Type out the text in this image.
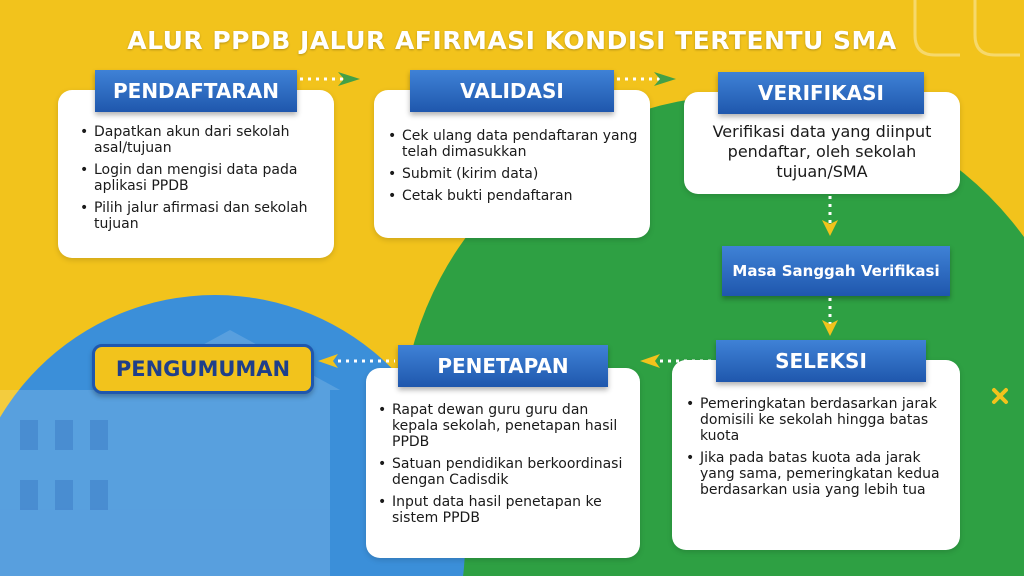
ALUR PPDB JALUR AFIRMASI KONDISI TERTENTU SMA
• Dapatkan akun dari sekolah asal/tujuan
• Login dan mengisi data pada aplikasi PPDB
• Pilih jalur afirmasi dan sekolah tujuan
PENDAFTARAN
• Cek ulang data pendaftaran yang telah dimasukkan
• Submit (kirim data)
• Cetak bukti pendaftaran
VALIDASI
Verifikasi data yang diinput pendaftar, oleh sekolah tujuan/SMA
VERIFIKASI
Masa Sanggah Verifikasi
• Pemeringkatan berdasarkan jarak domisili ke sekolah hingga batas kuota
• Jika pada batas kuota ada jarak yang sama, pemeringkatan kedua berdasarkan usia yang lebih tua
SELEKSI
• Rapat dewan guru guru dan kepala sekolah, penetapan hasil PPDB
• Satuan pendidikan berkoordinasi dengan Cadisdik
• Input data hasil penetapan ke sistem PPDB
PENETAPAN
PENGUMUMAN
